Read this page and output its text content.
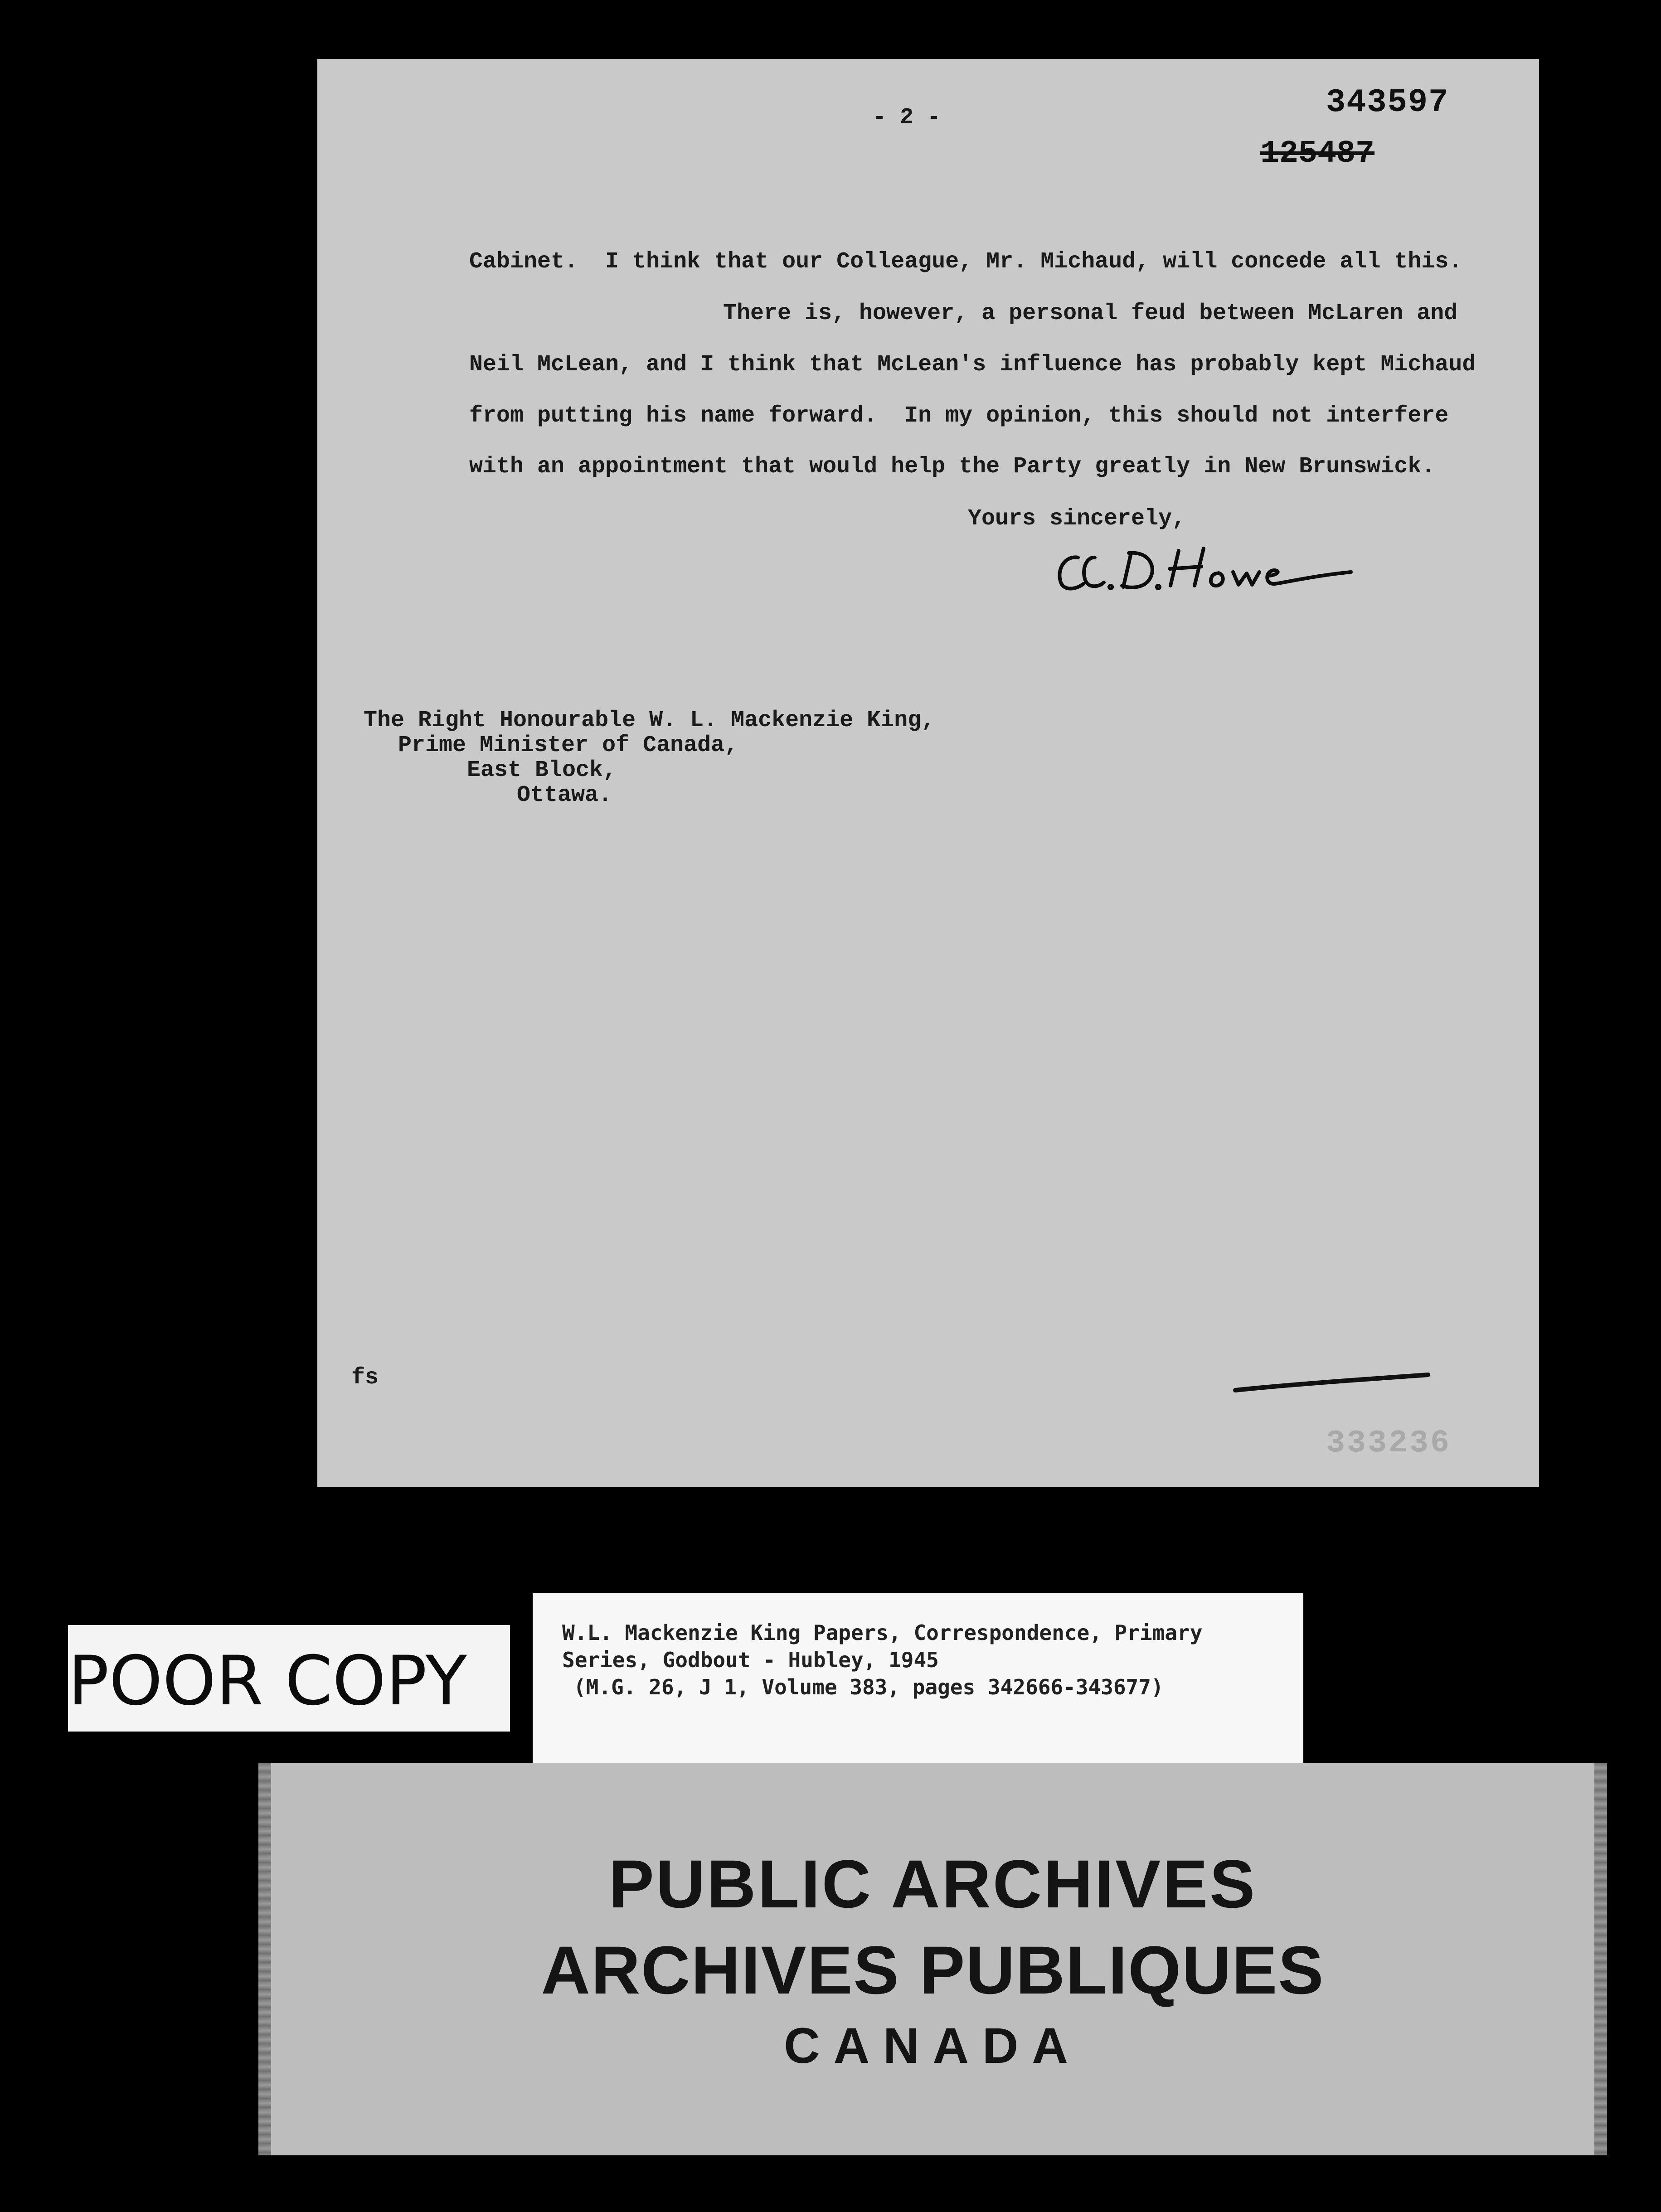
- 2 -	343597
125487
Cabinet.  I think that our Colleague, Mr. Michaud, will concede all this.
There is, however, a personal feud between McLaren and
Neil McLean, and I think that McLean's influence has probably kept Michaud
from putting his name forward.  In my opinion, this should not interfere
with an appointment that would help the Party greatly in New Brunswick.
Yours sincerely,
The Right Honourable W. L. Mackenzie King,
Prime Minister of Canada,
East Block,
Ottawa.
fs
333236
POOR COPY
W.L. Mackenzie King Papers, Correspondence, Primary
Series, Godbout - Hubley, 1945
(M.G. 26, J 1, Volume 383, pages 342666-343677)
PUBLIC ARCHIVES
ARCHIVES PUBLIQUES
CANADA
